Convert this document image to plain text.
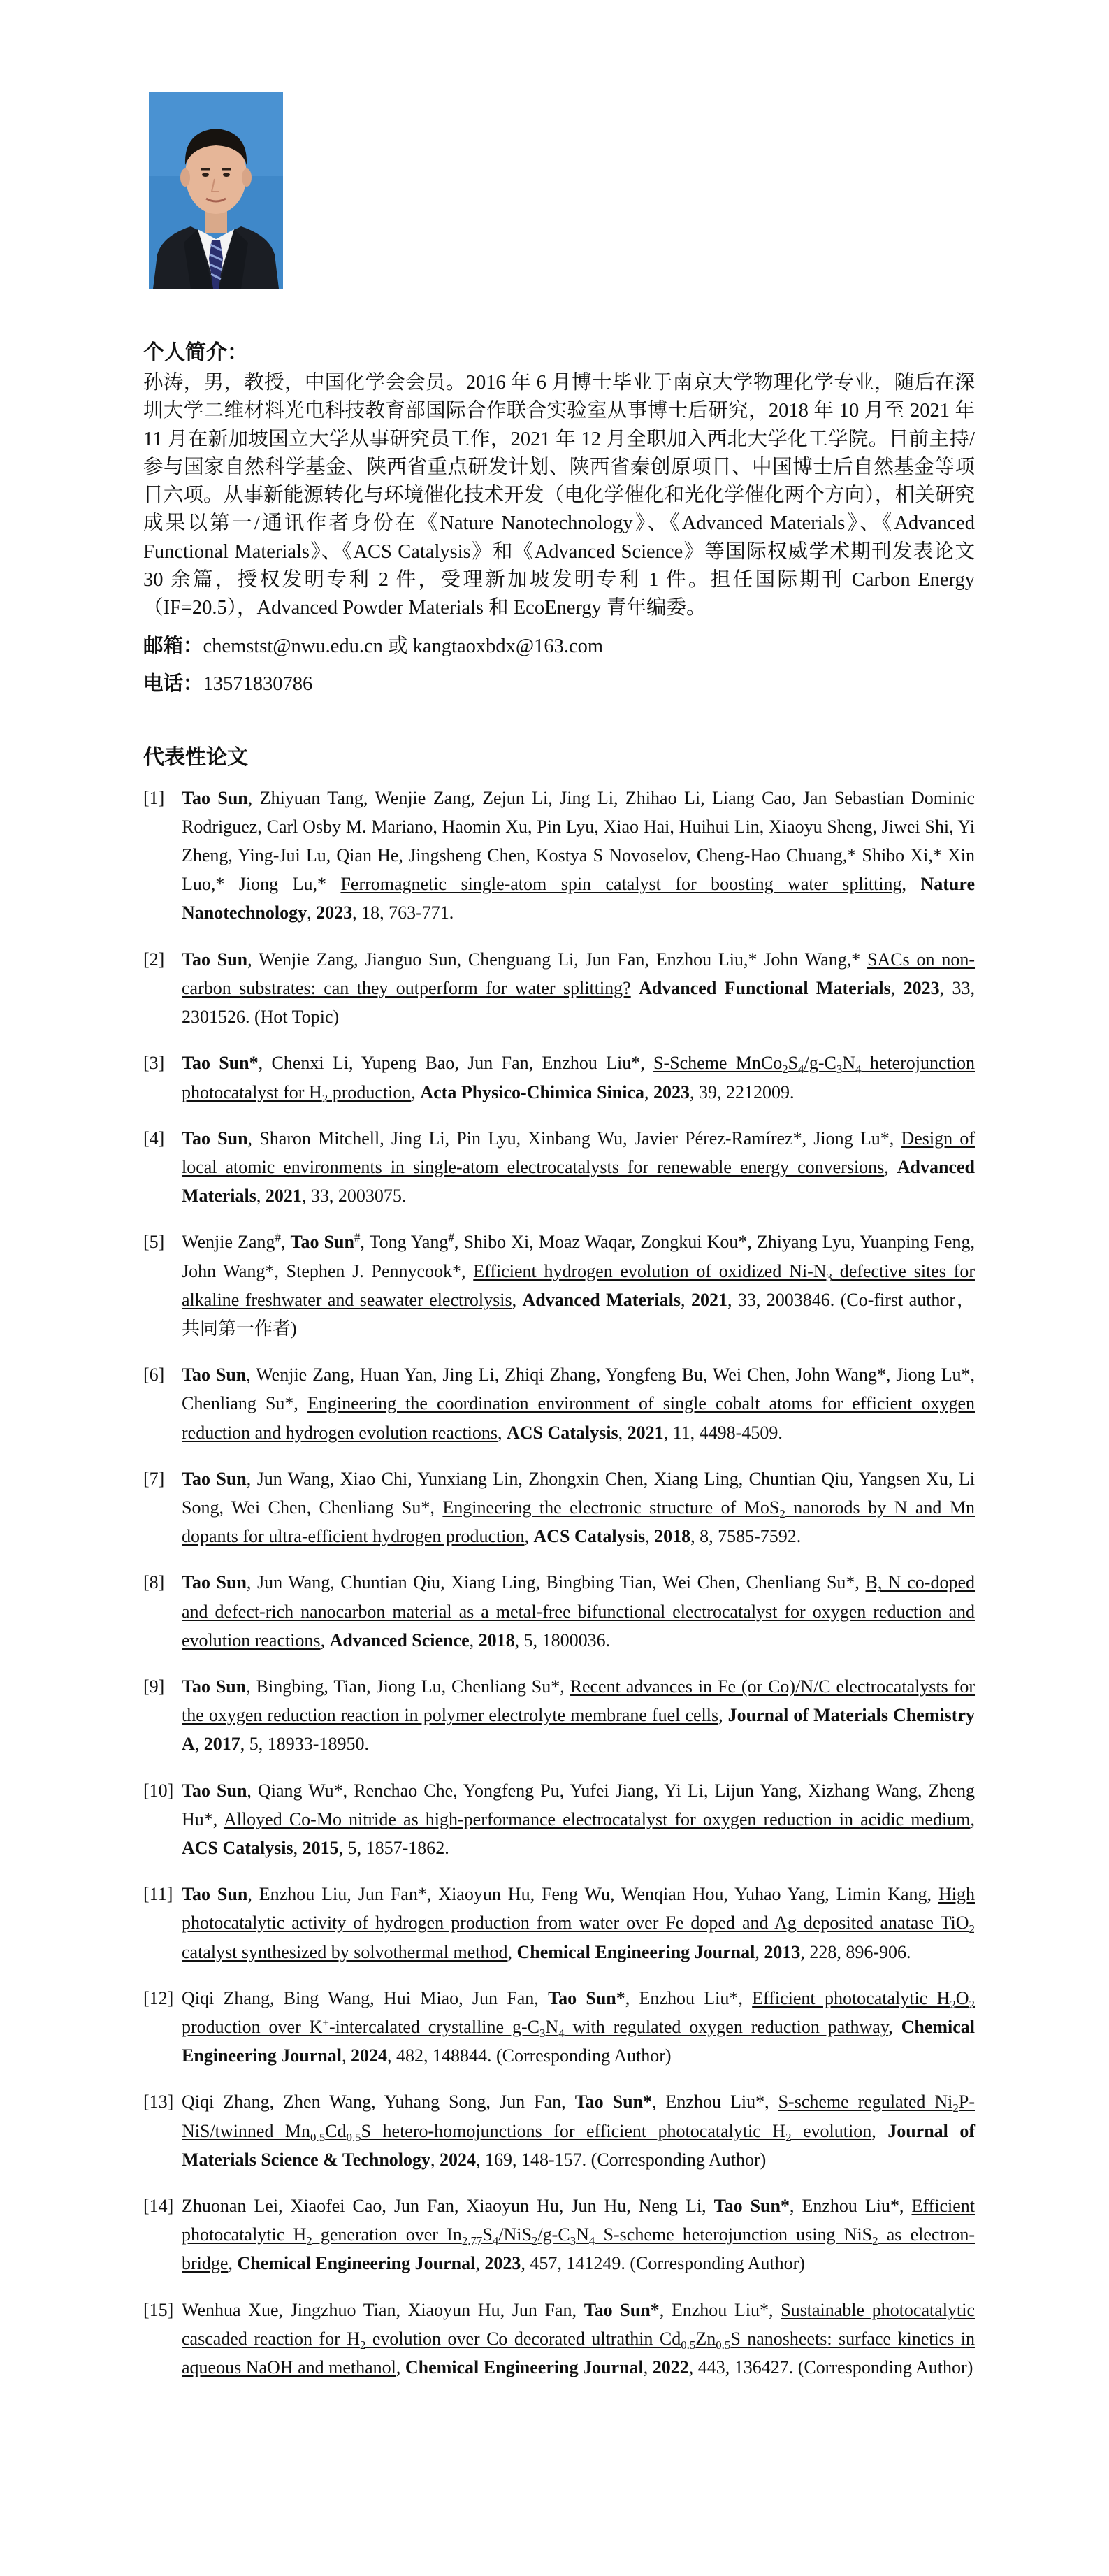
个人简介：

孙涛，男，教授，中国化学会会员。2016 年 6 月博士毕业于南京大学物理化学专业，随后在深圳大学二维材料光电科技教育部国际合作联合实验室从事博士后研究，2018 年 10 月至 2021 年 11 月在新加坡国立大学从事研究员工作，2021 年 12 月全职加入西北大学化工学院。目前主持/参与国家自然科学基金、陕西省重点研发计划、陕西省秦创原项目、中国博士后自然基金等项目六项。从事新能源转化与环境催化技术开发（电化学催化和光化学催化两个方向），相关研究成果以第一/通讯作者身份在《Nature Nanotechnology》、《Advanced Materials》、《Advanced Functional Materials》、《ACS Catalysis》和《Advanced Science》等国际权威学术期刊发表论文 30 余篇，授权发明专利 2 件，受理新加坡发明专利 1 件。担任国际期刊 Carbon Energy（IF=20.5），Advanced Powder Materials 和 EcoEnergy 青年编委。

邮箱：chemstst@nwu.edu.cn 或 kangtaoxbdx@163.com
电话：13571830786
代表性论文
[1] Tao Sun, Zhiyuan Tang, Wenjie Zang, Zejun Li, Jing Li, Zhihao Li, Liang Cao, Jan Sebastian Dominic Rodriguez, Carl Osby M. Mariano, Haomin Xu, Pin Lyu, Xiao Hai, Huihui Lin, Xiaoyu Sheng, Jiwei Shi, Yi Zheng, Ying-Jui Lu, Qian He, Jingsheng Chen, Kostya S Novoselov, Cheng-Hao Chuang,* Shibo Xi,* Xin Luo,* Jiong Lu,* Ferromagnetic single-atom spin catalyst for boosting water splitting, Nature Nanotechnology, 2023, 18, 763-771.
[2] Tao Sun, Wenjie Zang, Jianguo Sun, Chenguang Li, Jun Fan, Enzhou Liu,* John Wang,* SACs on non-carbon substrates: can they outperform for water splitting? Advanced Functional Materials, 2023, 33, 2301526. (Hot Topic)
[3] Tao Sun*, Chenxi Li, Yupeng Bao, Jun Fan, Enzhou Liu*, S-Scheme $MnCo_2S_4/g-C_3N_4$ heterojunction photocatalyst for $H_2$ production, Acta Physico-Chimica Sinica, 2023, 39, 2212009.
[4] Tao Sun, Sharon Mitchell, Jing Li, Pin Lyu, Xinbang Wu, Javier Pérez-Ramírez*, Jiong Lu*, Design of local atomic environments in single-atom electrocatalysts for renewable energy conversions, Advanced Materials, 2021, 33, 2003075.
[5] Wenjie Zang#, Tao Sun#, Tong Yang#, Shibo Xi, Moaz Waqar, Zongkui Kou*, Zhiyang Lyu, Yuanping Feng, John Wang*, Stephen J. Pennycook*, Efficient hydrogen evolution of oxidized $Ni-N_3$ defective sites for alkaline freshwater and seawater electrolysis, Advanced Materials, 2021, 33, 2003846. (Co-first author，共同第一作者)
[6] Tao Sun, Wenjie Zang, Huan Yan, Jing Li, Zhiqi Zhang, Yongfeng Bu, Wei Chen, John Wang*, Jiong Lu*, Chenliang Su*, Engineering the coordination environment of single cobalt atoms for efficient oxygen reduction and hydrogen evolution reactions, ACS Catalysis, 2021, 11, 4498-4509.
[7] Tao Sun, Jun Wang, Xiao Chi, Yunxiang Lin, Zhongxin Chen, Xiang Ling, Chuntian Qiu, Yangsen Xu, Li Song, Wei Chen, Chenliang Su*, Engineering the electronic structure of MoS$_2$ nanorods by N and Mn dopants for ultra-efficient hydrogen production, ACS Catalysis, 2018, 8, 7585-7592.
[8] Tao Sun, Jun Wang, Chuntian Qiu, Xiang Ling, Bingbing Tian, Wei Chen, Chenliang Su*, B, N co-doped and defect-rich nanocarbon material as a metal-free bifunctional electrocatalyst for oxygen reduction and evolution reactions, Advanced Science, 2018, 5, 1800036.
[9] Tao Sun, Bingbing, Tian, Jiong Lu, Chenliang Su*, Recent advances in Fe (or Co)/N/C electrocatalysts for the oxygen reduction reaction in polymer electrolyte membrane fuel cells, Journal of Materials Chemistry A, 2017, 5, 18933-18950.
[10] Tao Sun, Qiang Wu*, Renchao Che, Yongfeng Pu, Yufei Jiang, Yi Li, Lijun Yang, Xizhang Wang, Zheng Hu*, Alloyed Co-Mo nitride as high-performance electrocatalyst for oxygen reduction in acidic medium, ACS Catalysis, 2015, 5, 1857-1862.
[11] Tao Sun, Enzhou Liu, Jun Fan*, Xiaoyun Hu, Feng Wu, Wenqian Hou, Yuhao Yang, Limin Kang, High photocatalytic activity of hydrogen production from water over Fe doped and Ag deposited anatase TiO$_2$ catalyst synthesized by solvothermal method, Chemical Engineering Journal, 2013, 228, 896-906.
[12] Qiqi Zhang, Bing Wang, Hui Miao, Jun Fan, Tao Sun*, Enzhou Liu*, Efficient photocatalytic $H_2O_2$ production over K+-intercalated crystalline $g-C_3N_4$ with regulated oxygen reduction pathway, Chemical Engineering Journal, 2024, 482, 148844. (Corresponding Author)
[13] Qiqi Zhang, Zhen Wang, Yuhang Song, Jun Fan, Tao Sun*, Enzhou Liu*, S-scheme regulated $Ni_2P-NiS$/twinned $Mn_{0.5}Cd_{0.5}S$ hetero-homojunctions for efficient photocatalytic $H_2$ evolution, Journal of Materials Science & Technology, 2024, 169, 148-157. (Corresponding Author)
[14] Zhuonan Lei, Xiaofei Cao, Jun Fan, Xiaoyun Hu, Jun Hu, Neng Li, Tao Sun*, Enzhou Liu*, Efficient photocatalytic $H_2$ generation over $In_{2.77}S_4/NiS_2/g-C_3N_4$ S-scheme heterojunction using NiS$_2$ as electron-bridge, Chemical Engineering Journal, 2023, 457, 141249. (Corresponding Author)
[15] Wenhua Xue, Jingzhuo Tian, Xiaoyun Hu, Jun Fan, Tao Sun*, Enzhou Liu*, Sustainable photocatalytic cascaded reaction for $H_2$ evolution over Co decorated ultrathin $Cd_{0.5}Zn_{0.5}S$ nanosheets: surface kinetics in aqueous NaOH and methanol, Chemical Engineering Journal, 2022, 443, 136427. (Corresponding Author)
